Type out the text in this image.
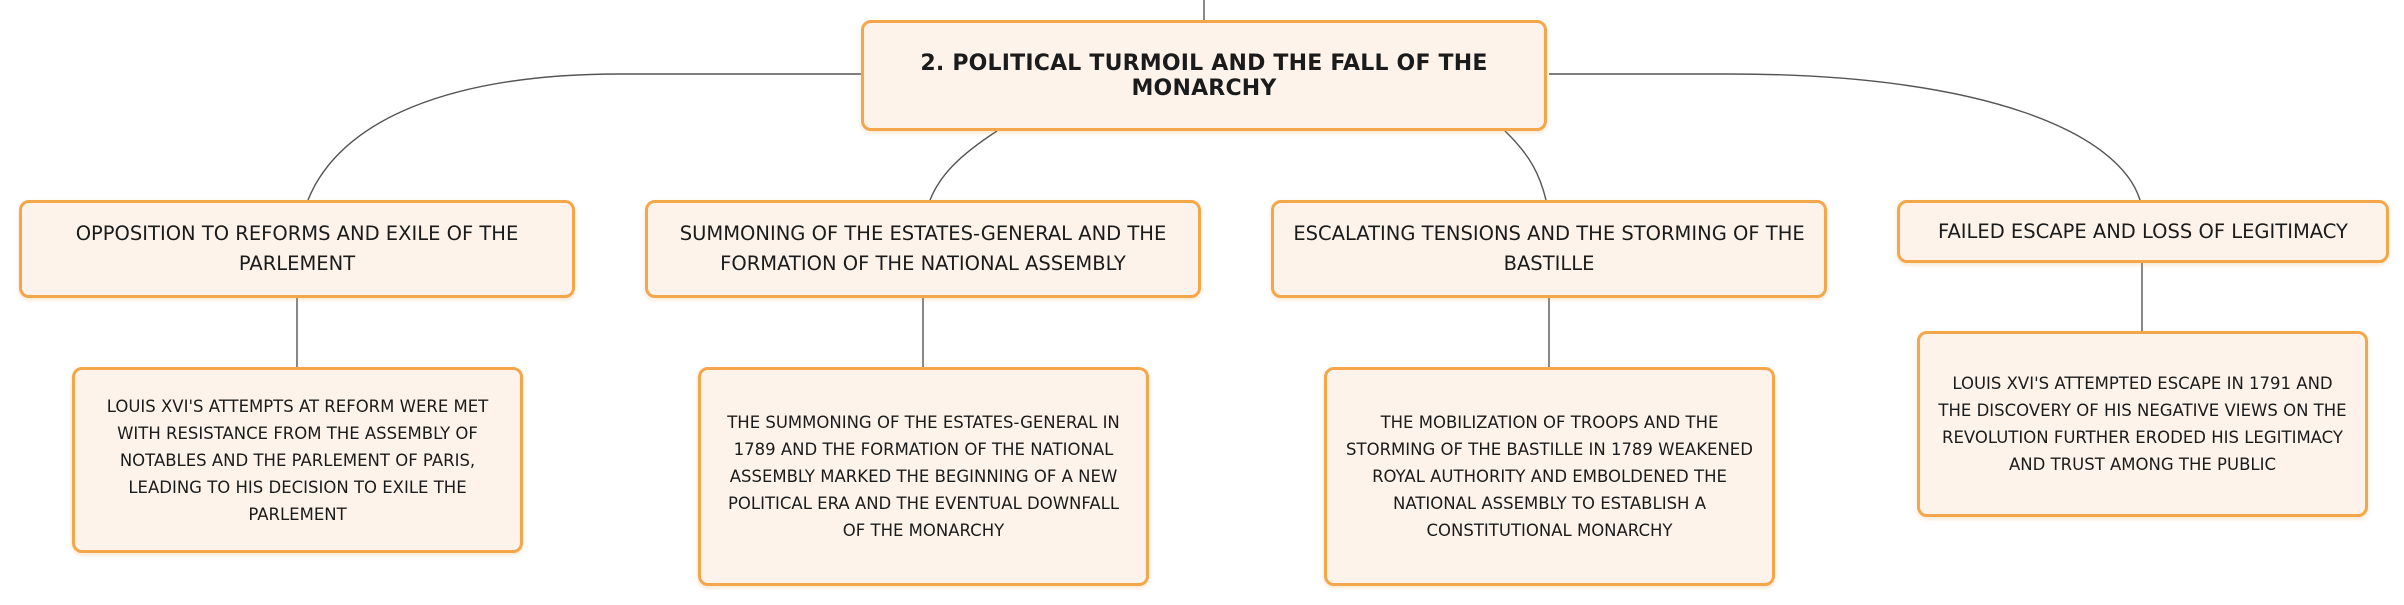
2. POLITICAL TURMOIL AND THE FALL OF THE MONARCHY
OPPOSITION TO REFORMS AND EXILE OF THE PARLEMENT
SUMMONING OF THE ESTATES-GENERAL AND THE FORMATION OF THE NATIONAL ASSEMBLY
ESCALATING TENSIONS AND THE STORMING OF THE BASTILLE
FAILED ESCAPE AND LOSS OF LEGITIMACY
LOUIS XVI'S ATTEMPTS AT REFORM WERE MET WITH RESISTANCE FROM THE ASSEMBLY OF NOTABLES AND THE PARLEMENT OF PARIS, LEADING TO HIS DECISION TO EXILE THE PARLEMENT
THE SUMMONING OF THE ESTATES-GENERAL IN 1789 AND THE FORMATION OF THE NATIONAL ASSEMBLY MARKED THE BEGINNING OF A NEW POLITICAL ERA AND THE EVENTUAL DOWNFALL OF THE MONARCHY
THE MOBILIZATION OF TROOPS AND THE STORMING OF THE BASTILLE IN 1789 WEAKENED ROYAL AUTHORITY AND EMBOLDENED THE NATIONAL ASSEMBLY TO ESTABLISH A CONSTITUTIONAL MONARCHY
LOUIS XVI'S ATTEMPTED ESCAPE IN 1791 AND THE DISCOVERY OF HIS NEGATIVE VIEWS ON THE REVOLUTION FURTHER ERODED HIS LEGITIMACY AND TRUST AMONG THE PUBLIC
